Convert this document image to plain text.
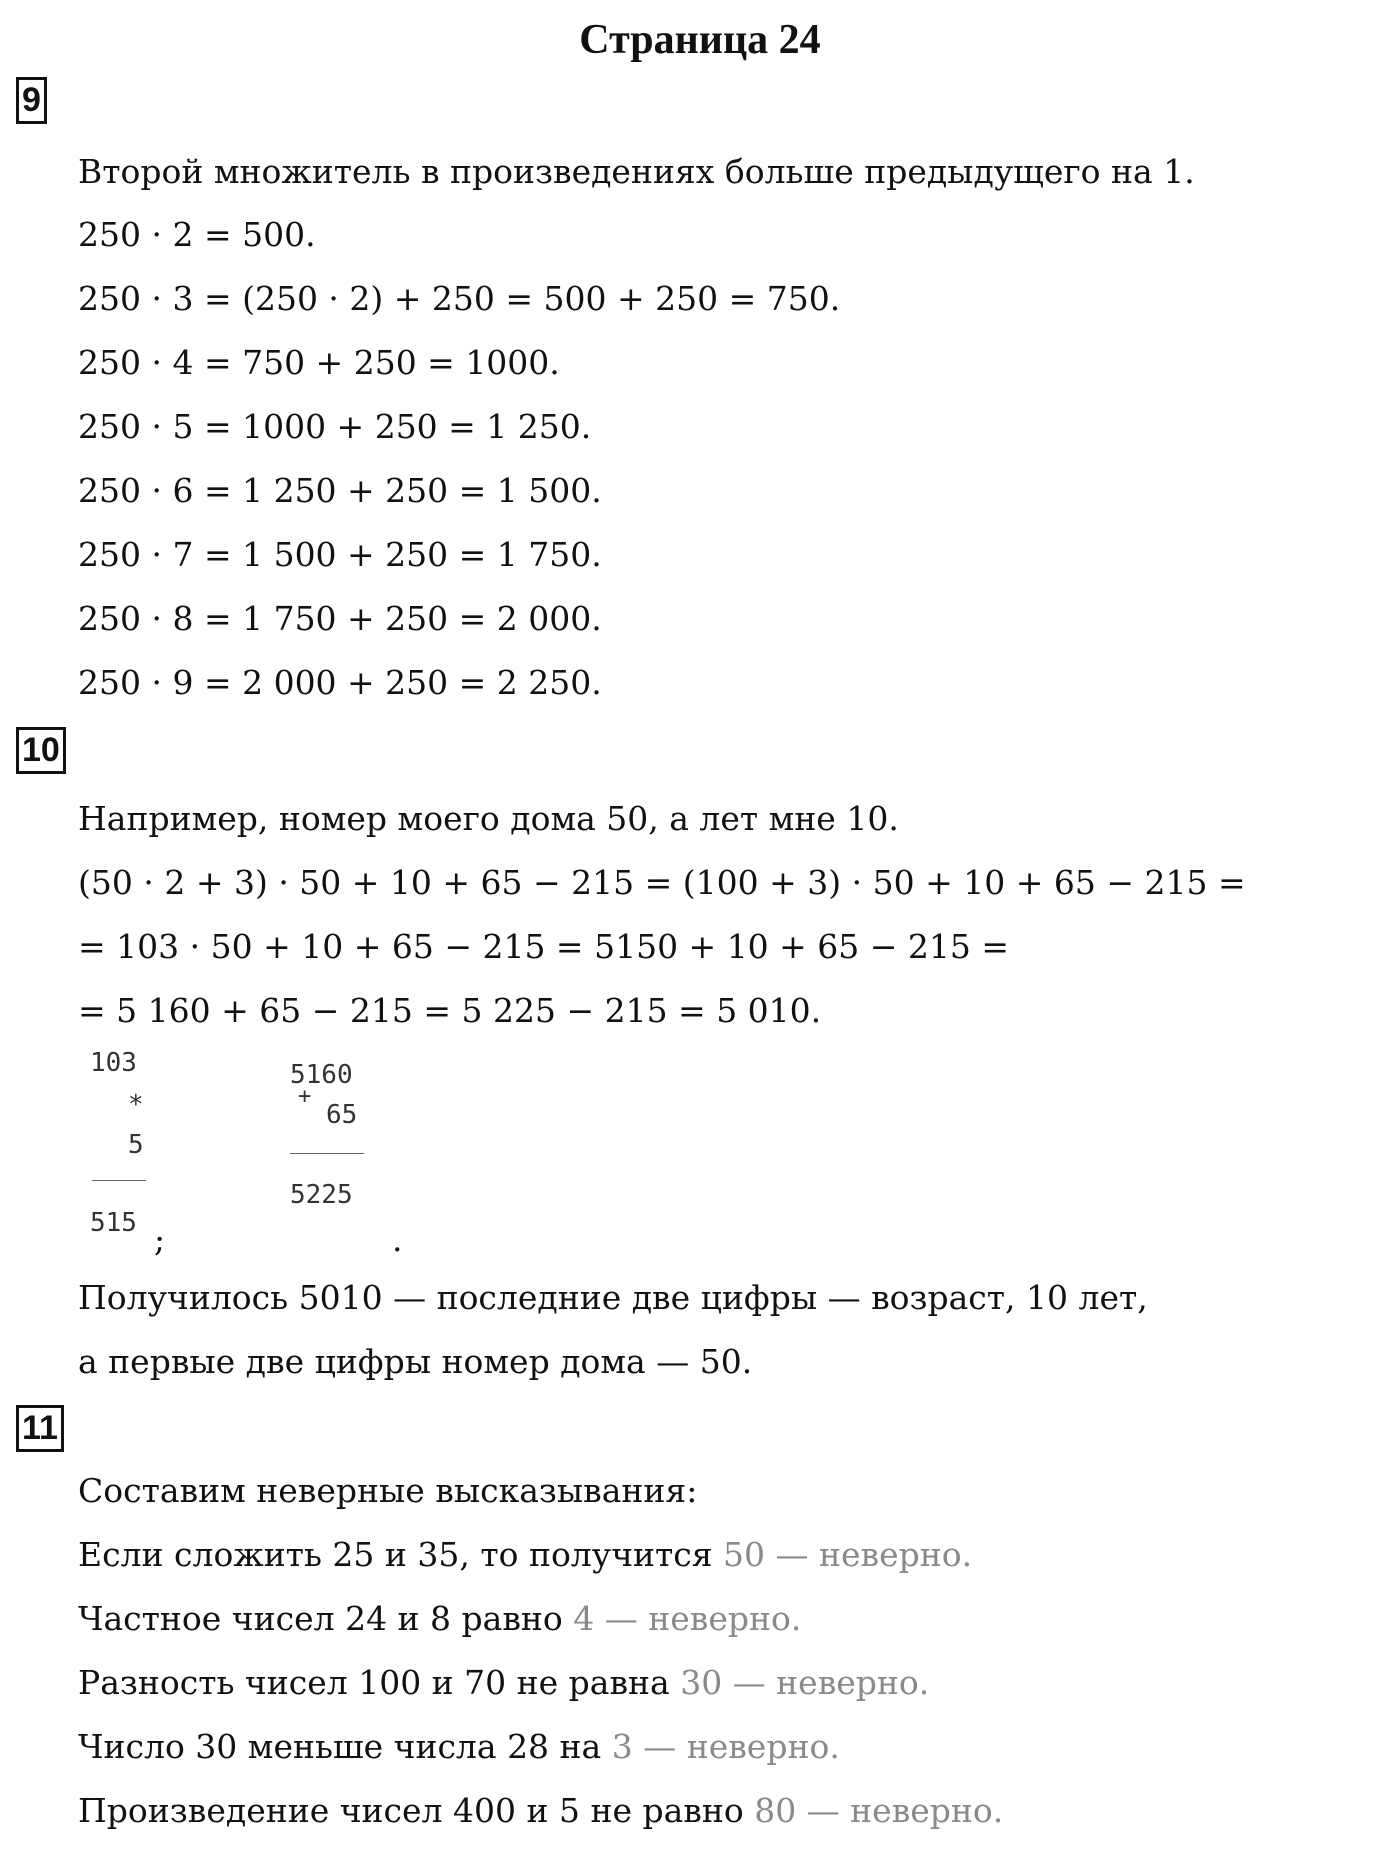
Страница 24
9
Второй множитель в произведениях больше предыдущего на 1.
250 · 2 = 500.
250 · 3 = (250 · 2) + 250 = 500 + 250 = 750.
250 · 4 = 750 + 250 = 1000.
250 · 5 = 1000 + 250 = 1 250.
250 · 6 = 1 250 + 250 = 1 500.
250 · 7 = 1 500 + 250 = 1 750.
250 · 8 = 1 750 + 250 = 2 000.
250 · 9 = 2 000 + 250 = 2 250.
10
Например, номер моего дома 50, а лет мне 10.
(50 · 2 + 3) · 50 + 10 + 65 − 215 = (100 + 3) · 50 + 10 + 65 − 215 =
= 103 · 50 + 10 + 65 − 215 = 5150 + 10 + 65 − 215 =
= 5 160 + 65 − 215 = 5 225 − 215 = 5 010.
103
*
5
515 ;
5160
+
65
5225
.
Получилось 5010 — последние две цифры — возраст, 10 лет,
а первые две цифры номер дома — 50.
11
Составим неверные высказывания:
Если сложить 25 и 35, то получится 50 — неверно.
Частное чисел 24 и 8 равно 4 — неверно.
Разность чисел 100 и 70 не равна 30 — неверно.
Число 30 меньше числа 28 на 3 — неверно.
Произведение чисел 400 и 5 не равно 80 — неверно.
